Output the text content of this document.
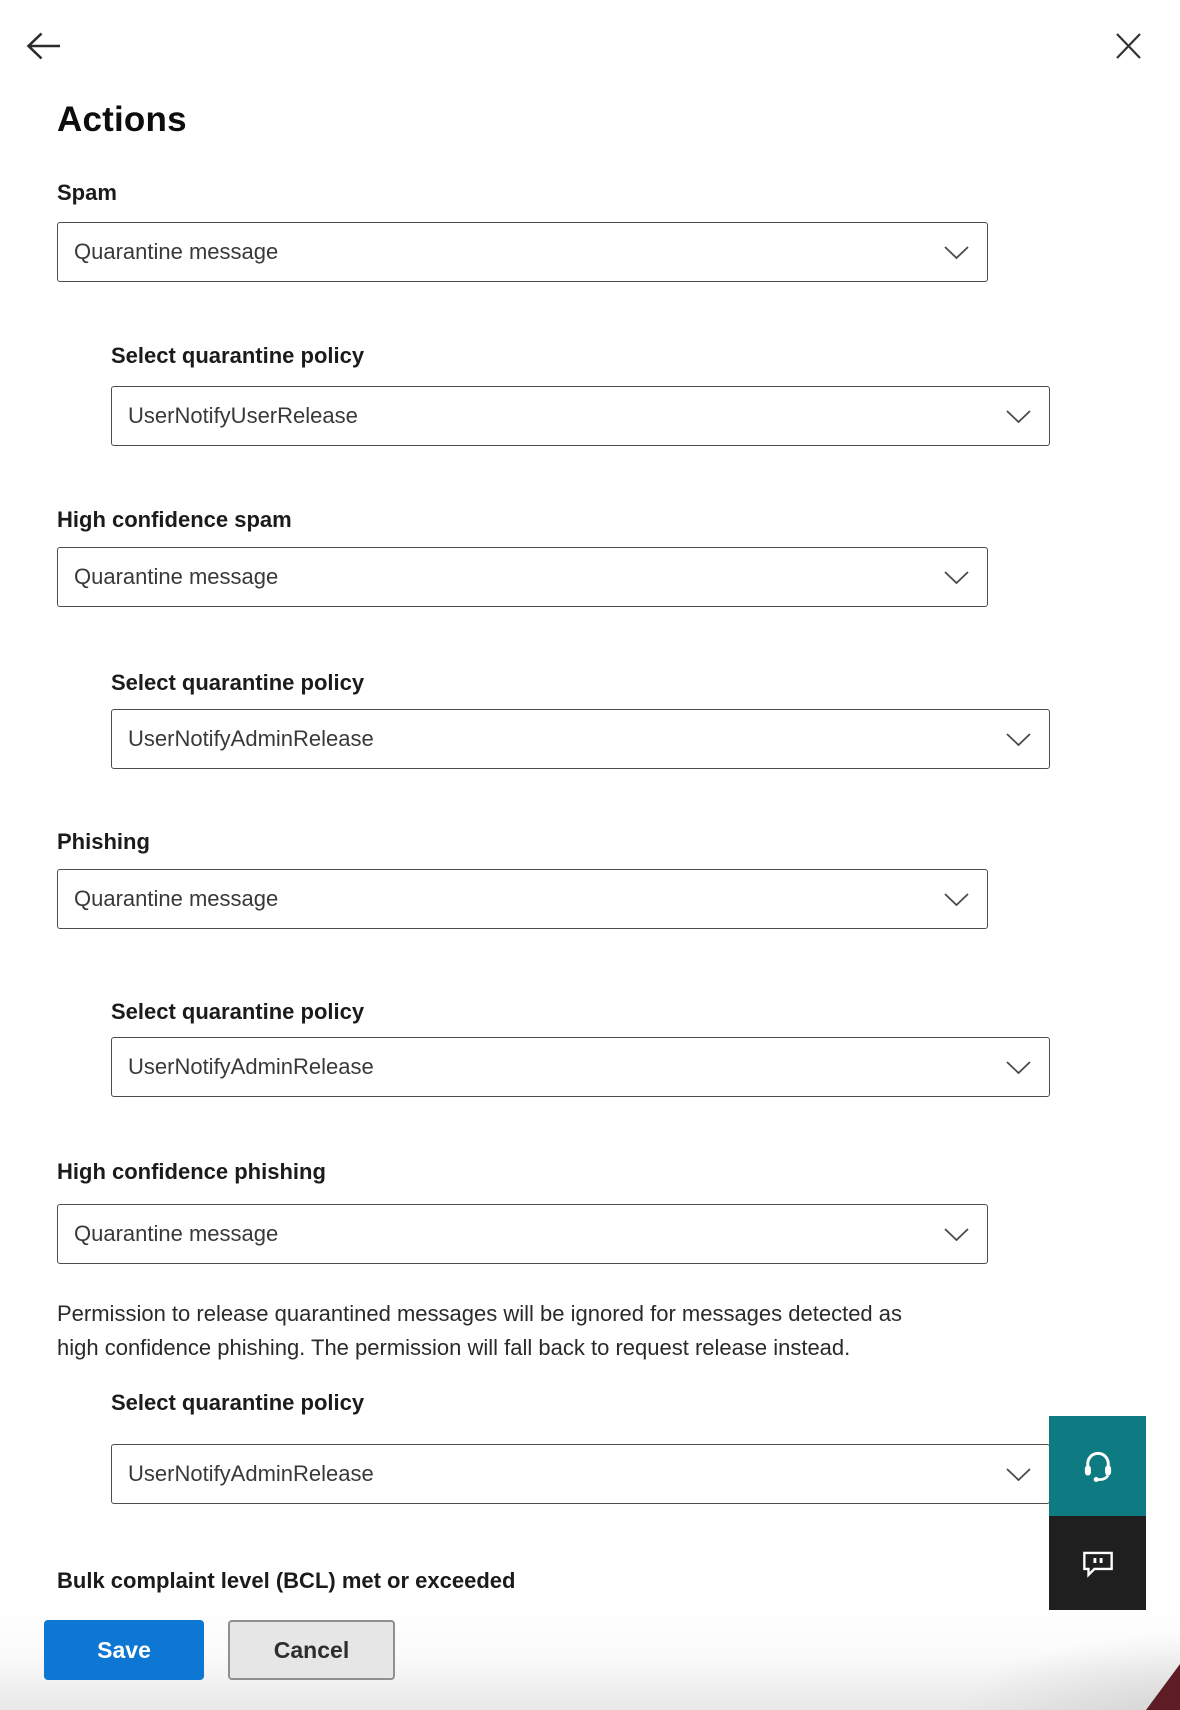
Actions
Spam
Quarantine message
Select quarantine policy
UserNotifyUserRelease
High confidence spam
Quarantine message
Select quarantine policy
UserNotifyAdminRelease
Phishing
Quarantine message
Select quarantine policy
UserNotifyAdminRelease
High confidence phishing
Quarantine message
Permission to release quarantined messages will be ignored for messages detected as
high confidence phishing. The permission will fall back to request release instead.
Select quarantine policy
UserNotifyAdminRelease
Bulk complaint level (BCL) met or exceeded
Save	Cancel
